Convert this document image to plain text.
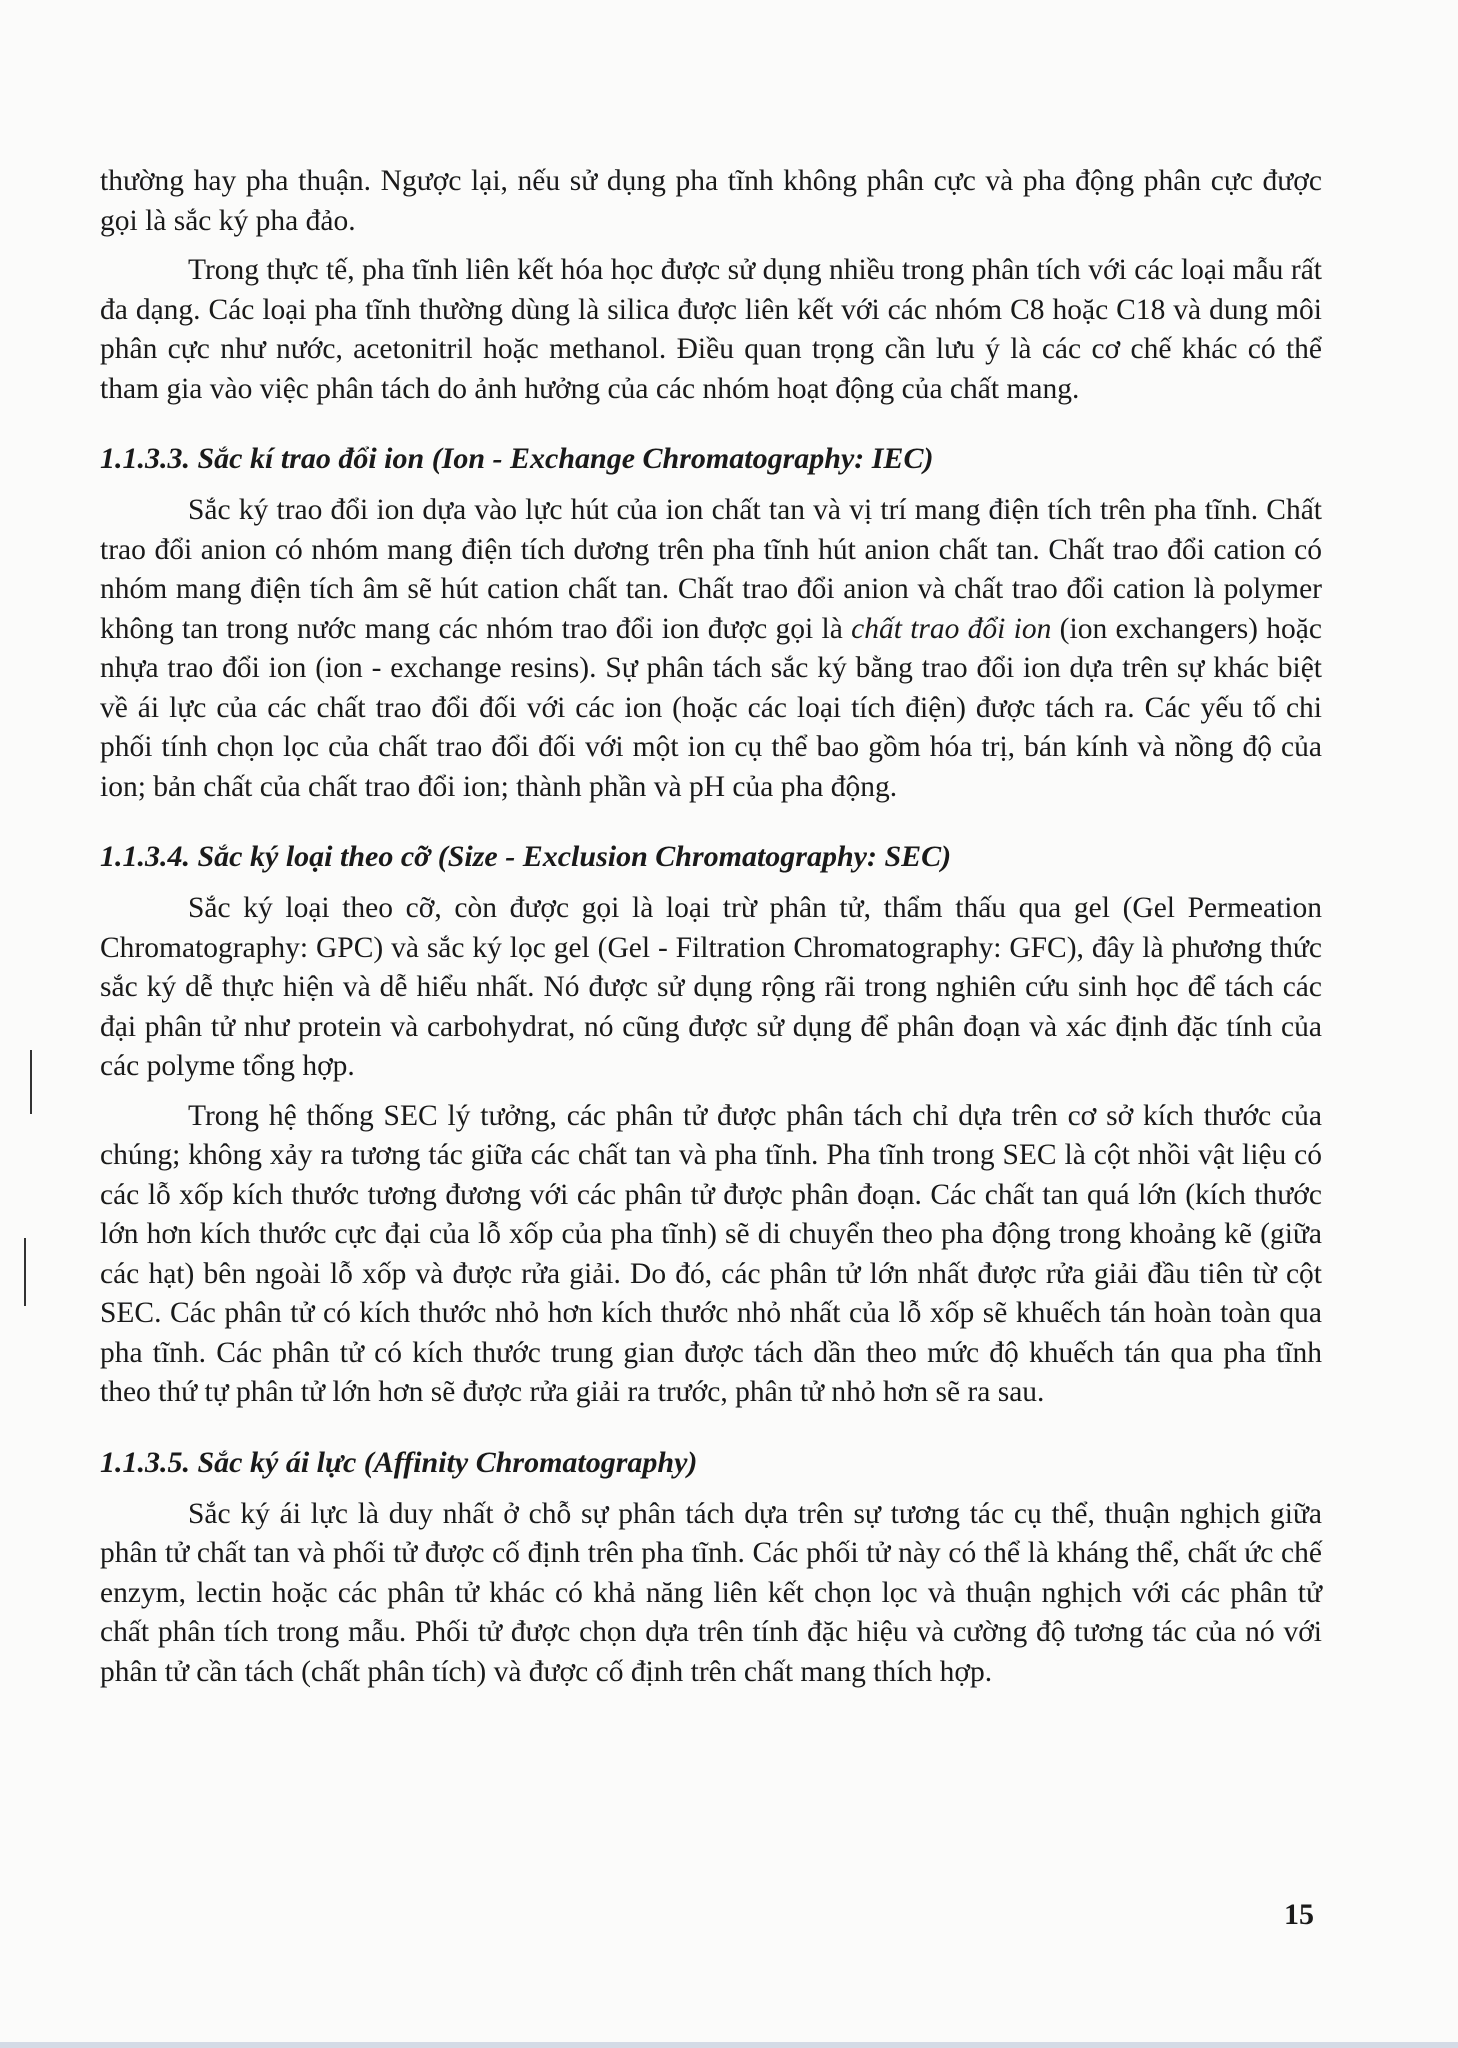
thường hay pha thuận. Ngược lại, nếu sử dụng pha tĩnh không phân cực và pha động phân cực được gọi là sắc ký pha đảo.

Trong thực tế, pha tĩnh liên kết hóa học được sử dụng nhiều trong phân tích với các loại mẫu rất đa dạng. Các loại pha tĩnh thường dùng là silica được liên kết với các nhóm C8 hoặc C18 và dung môi phân cực như nước, acetonitril hoặc methanol. Điều quan trọng cần lưu ý là các cơ chế khác có thể tham gia vào việc phân tách do ảnh hưởng của các nhóm hoạt động của chất mang.

1.1.3.3. Sắc kí trao đổi ion (Ion - Exchange Chromatography: IEC)

Sắc ký trao đổi ion dựa vào lực hút của ion chất tan và vị trí mang điện tích trên pha tĩnh. Chất trao đổi anion có nhóm mang điện tích dương trên pha tĩnh hút anion chất tan. Chất trao đổi cation có nhóm mang điện tích âm sẽ hút cation chất tan. Chất trao đổi anion và chất trao đổi cation là polymer không tan trong nước mang các nhóm trao đổi ion được gọi là chất trao đổi ion (ion exchangers) hoặc nhựa trao đổi ion (ion - exchange resins). Sự phân tách sắc ký bằng trao đổi ion dựa trên sự khác biệt về ái lực của các chất trao đổi đối với các ion (hoặc các loại tích điện) được tách ra. Các yếu tố chi phối tính chọn lọc của chất trao đổi đối với một ion cụ thể bao gồm hóa trị, bán kính và nồng độ của ion; bản chất của chất trao đổi ion; thành phần và pH của pha động.

1.1.3.4. Sắc ký loại theo cỡ (Size - Exclusion Chromatography: SEC)

Sắc ký loại theo cỡ, còn được gọi là loại trừ phân tử, thẩm thấu qua gel (Gel Permeation Chromatography: GPC) và sắc ký lọc gel (Gel - Filtration Chromatography: GFC), đây là phương thức sắc ký dễ thực hiện và dễ hiểu nhất. Nó được sử dụng rộng rãi trong nghiên cứu sinh học để tách các đại phân tử như protein và carbohydrat, nó cũng được sử dụng để phân đoạn và xác định đặc tính của các polyme tổng hợp.

Trong hệ thống SEC lý tưởng, các phân tử được phân tách chỉ dựa trên cơ sở kích thước của chúng; không xảy ra tương tác giữa các chất tan và pha tĩnh. Pha tĩnh trong SEC là cột nhồi vật liệu có các lỗ xốp kích thước tương đương với các phân tử được phân đoạn. Các chất tan quá lớn (kích thước lớn hơn kích thước cực đại của lỗ xốp của pha tĩnh) sẽ di chuyển theo pha động trong khoảng kẽ (giữa các hạt) bên ngoài lỗ xốp và được rửa giải. Do đó, các phân tử lớn nhất được rửa giải đầu tiên từ cột SEC. Các phân tử có kích thước nhỏ hơn kích thước nhỏ nhất của lỗ xốp sẽ khuếch tán hoàn toàn qua pha tĩnh. Các phân tử có kích thước trung gian được tách dần theo mức độ khuếch tán qua pha tĩnh theo thứ tự phân tử lớn hơn sẽ được rửa giải ra trước, phân tử nhỏ hơn sẽ ra sau.

1.1.3.5. Sắc ký ái lực (Affinity Chromatography)

Sắc ký ái lực là duy nhất ở chỗ sự phân tách dựa trên sự tương tác cụ thể, thuận nghịch giữa phân tử chất tan và phối tử được cố định trên pha tĩnh. Các phối tử này có thể là kháng thể, chất ức chế enzym, lectin hoặc các phân tử khác có khả năng liên kết chọn lọc và thuận nghịch với các phân tử chất phân tích trong mẫu. Phối tử được chọn dựa trên tính đặc hiệu và cường độ tương tác của nó với phân tử cần tách (chất phân tích) và được cố định trên chất mang thích hợp.

15
